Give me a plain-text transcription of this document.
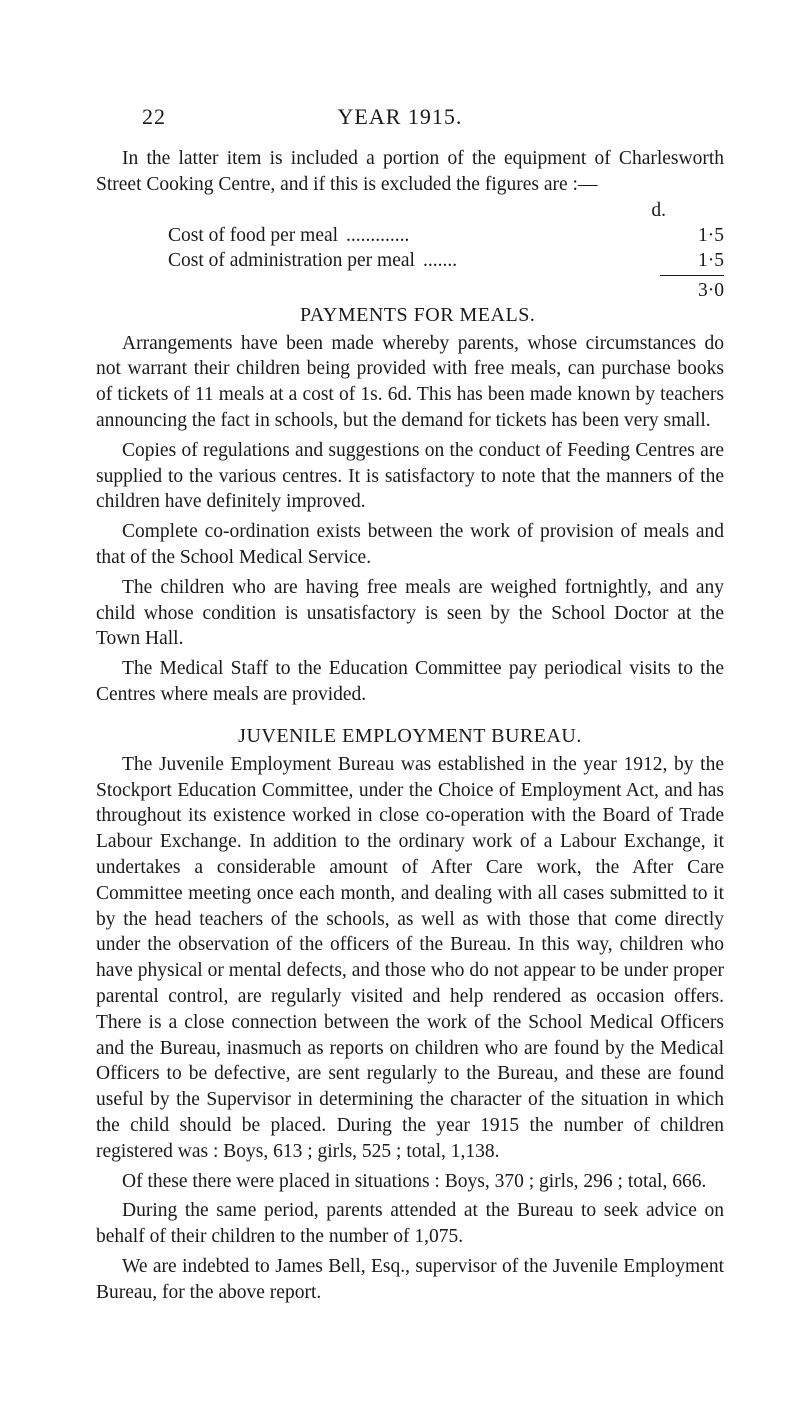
22	YEAR 1915.

In the latter item is included a portion of the equipment of Charlesworth Street Cooking Centre, and if this is excluded the figures are :—

d.
Cost of food per meal .............	1·5
Cost of administration per meal .......	1·5
3·0
PAYMENTS FOR MEALS.

Arrangements have been made whereby parents, whose circumstances do not warrant their children being provided with free meals, can purchase books of tickets of 11 meals at a cost of 1s. 6d. This has been made known by teachers announcing the fact in schools, but the demand for tickets has been very small.

Copies of regulations and suggestions on the conduct of Feeding Centres are supplied to the various centres. It is satisfactory to note that the manners of the children have definitely improved.

Complete co-ordination exists between the work of provision of meals and that of the School Medical Service.

The children who are having free meals are weighed fortnightly, and any child whose condition is unsatisfactory is seen by the School Doctor at the Town Hall.

The Medical Staff to the Education Committee pay periodical visits to the Centres where meals are provided.

JUVENILE EMPLOYMENT BUREAU.

The Juvenile Employment Bureau was established in the year 1912, by the Stockport Education Committee, under the Choice of Employment Act, and has throughout its existence worked in close co-operation with the Board of Trade Labour Exchange. In addition to the ordinary work of a Labour Exchange, it undertakes a considerable amount of After Care work, the After Care Committee meeting once each month, and dealing with all cases submitted to it by the head teachers of the schools, as well as with those that come directly under the observation of the officers of the Bureau. In this way, children who have physical or mental defects, and those who do not appear to be under proper parental control, are regularly visited and help rendered as occasion offers. There is a close connection between the work of the School Medical Officers and the Bureau, inasmuch as reports on children who are found by the Medical Officers to be defective, are sent regularly to the Bureau, and these are found useful by the Supervisor in determining the character of the situation in which the child should be placed. During the year 1915 the number of children registered was : Boys, 613 ; girls, 525 ; total, 1,138.

Of these there were placed in situations : Boys, 370 ; girls, 296 ; total, 666.

During the same period, parents attended at the Bureau to seek advice on behalf of their children to the number of 1,075.

We are indebted to James Bell, Esq., supervisor of the Juvenile Employment Bureau, for the above report.
